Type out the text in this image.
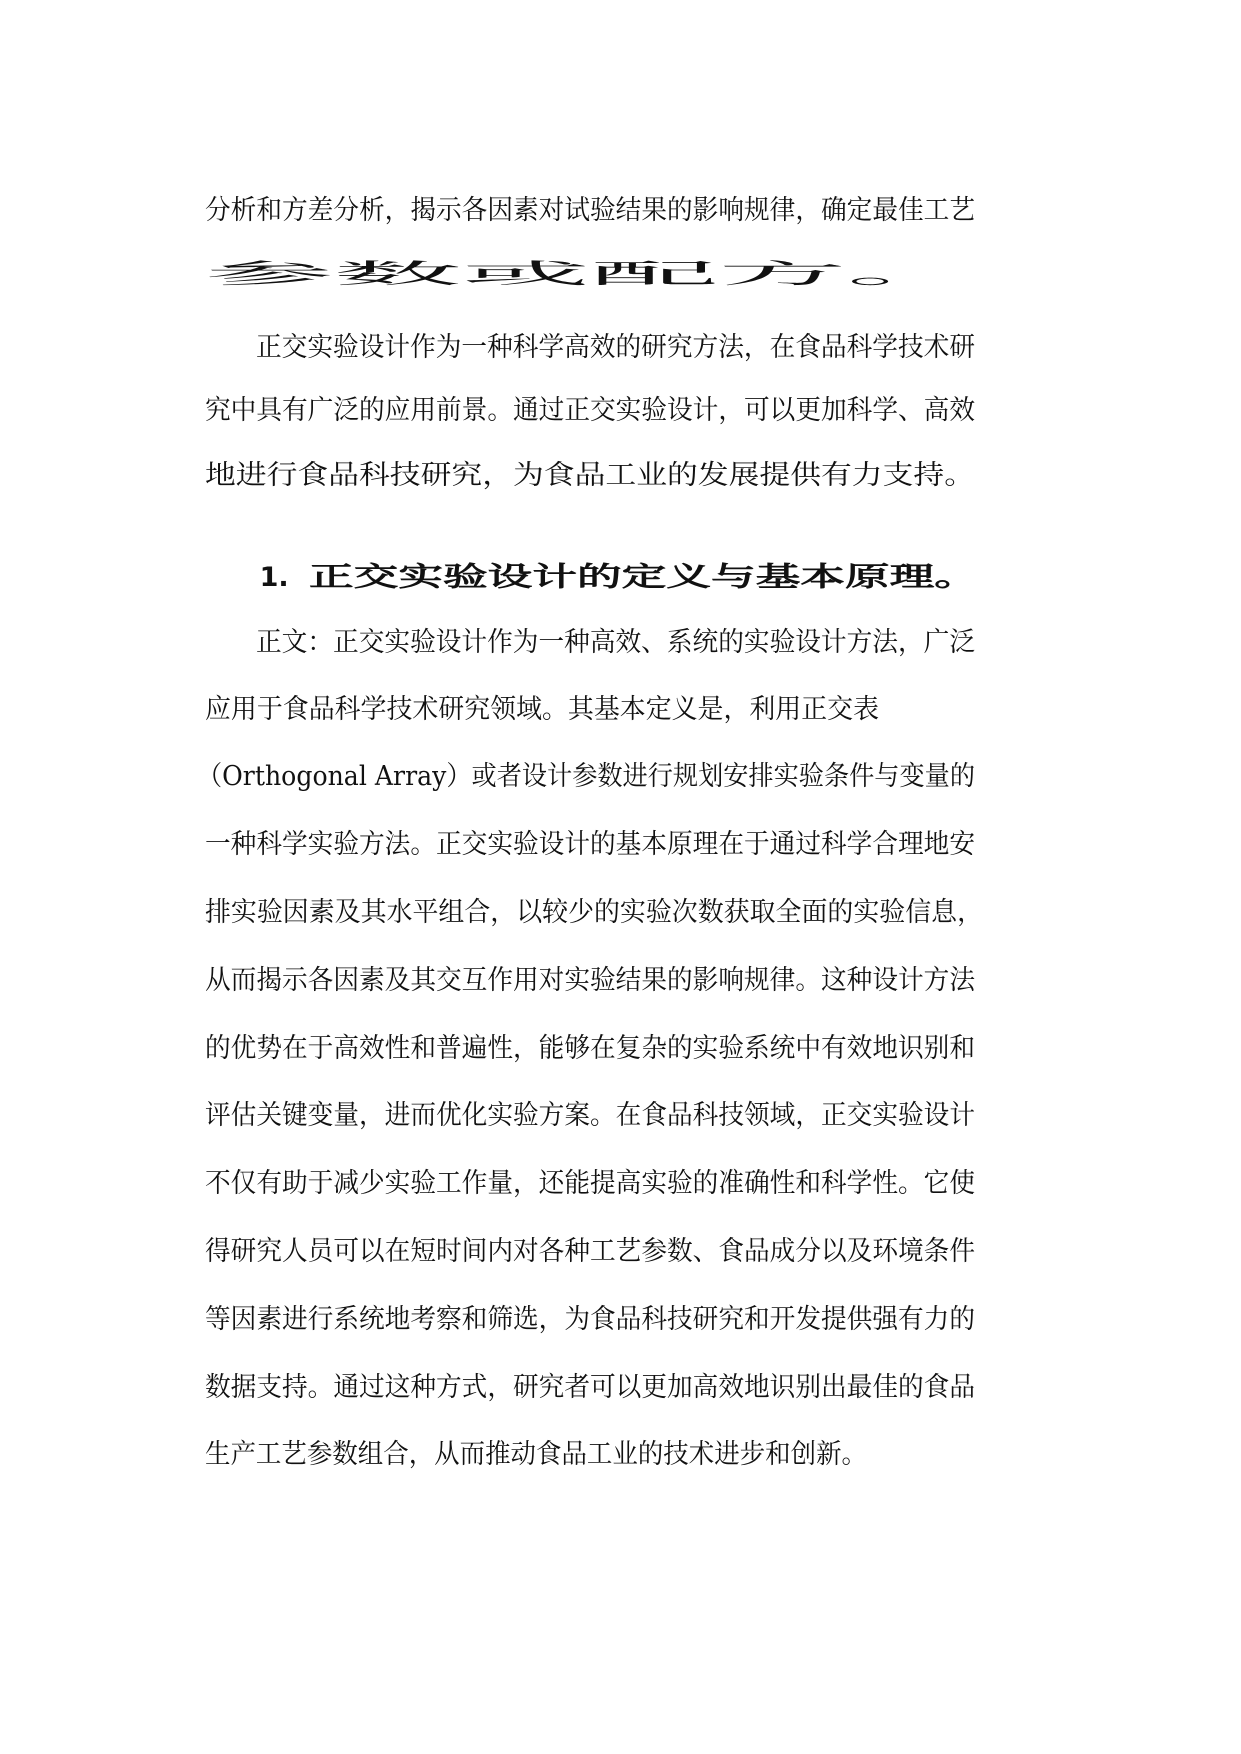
分析和方差分析，揭示各因素对试验结果的影响规律，确定最佳工艺

参数或配方。

正交实验设计作为一种科学高效的研究方法，在食品科学技术研

究中具有广泛的应用前景。通过正交实验设计，可以更加科学、高效

地进行食品科技研究，为食品工业的发展提供有力支持。

1. 正交实验设计的定义与基本原理。

正文：正交实验设计作为一种高效、系统的实验设计方法，广泛

应用于食品科学技术研究领域。其基本定义是，利用正交表

（Orthogonal Array）或者设计参数进行规划安排实验条件与变量的

一种科学实验方法。正交实验设计的基本原理在于通过科学合理地安

排实验因素及其水平组合，以较少的实验次数获取全面的实验信息，

从而揭示各因素及其交互作用对实验结果的影响规律。这种设计方法

的优势在于高效性和普遍性，能够在复杂的实验系统中有效地识别和

评估关键变量，进而优化实验方案。在食品科技领域，正交实验设计

不仅有助于减少实验工作量，还能提高实验的准确性和科学性。它使

得研究人员可以在短时间内对各种工艺参数、食品成分以及环境条件

等因素进行系统地考察和筛选，为食品科技研究和开发提供强有力的

数据支持。通过这种方式，研究者可以更加高效地识别出最佳的食品

生产工艺参数组合，从而推动食品工业的技术进步和创新。
